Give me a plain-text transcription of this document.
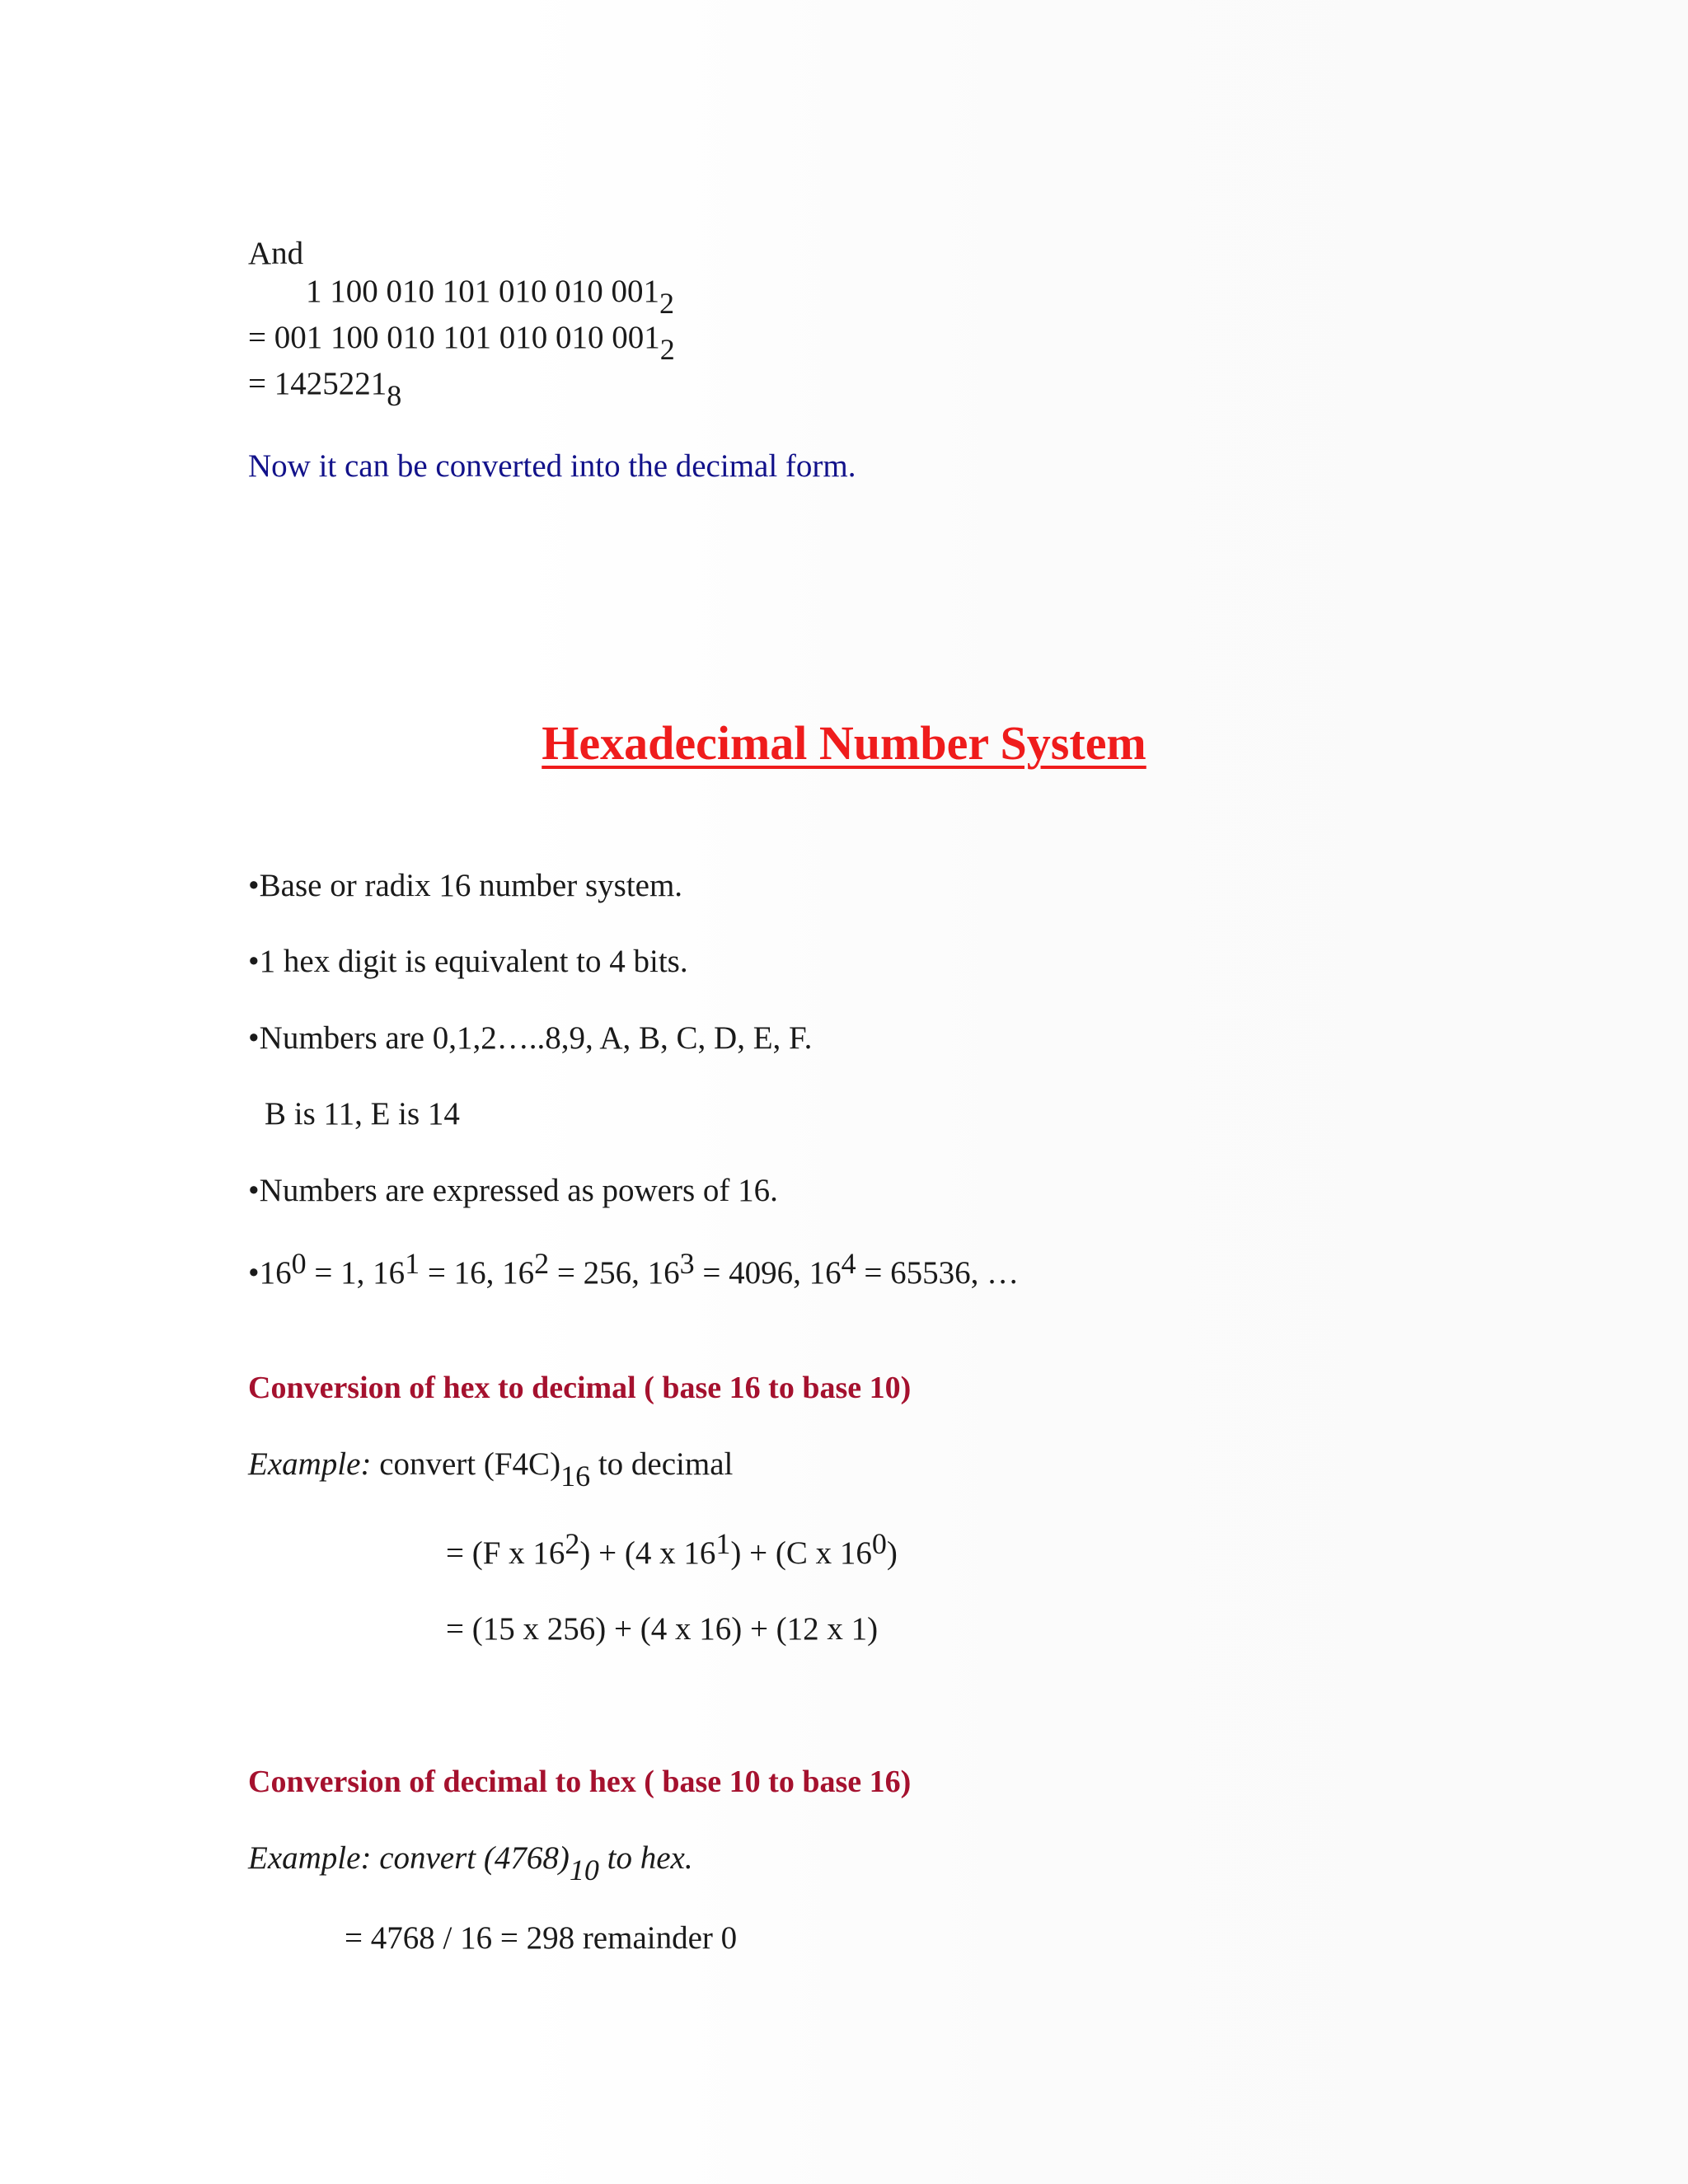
And
1 100 010 101 010 010 0012
= 001 100 010 101 010 010 0012
= 14252218
Now it can be converted into the decimal form.
Hexadecimal Number System
•Base or radix 16 number system.
•1 hex digit is equivalent to 4 bits.
•Numbers are 0,1,2…..8,9, A, B, C, D, E, F.
B is 11, E is 14
•Numbers are expressed as powers of 16.
•160 = 1, 161 = 16, 162 = 256, 163 = 4096, 164 = 65536, …
Conversion of hex to decimal ( base 16 to base 10)
Example: convert (F4C)16 to decimal
= (F x 162) + (4 x 161) + (C x 160)
= (15 x 256) + (4 x 16) + (12 x 1)
Conversion of decimal to hex ( base 10 to base 16)
Example: convert (4768)10 to hex.
= 4768 / 16 = 298 remainder 0
